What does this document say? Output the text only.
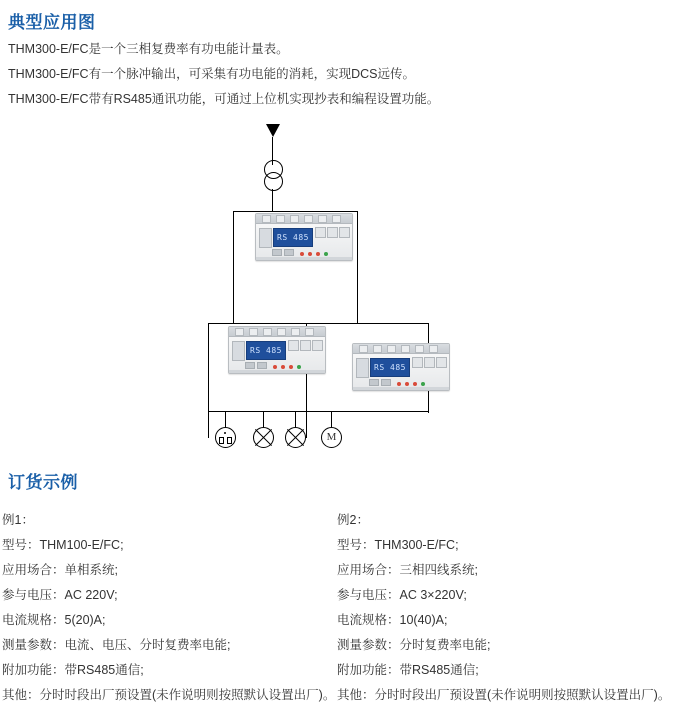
典型应用图
THM300-E/FC是一个三相复费率有功电能计量表。
THM300-E/FC有一个脉冲输出，可采集有功电能的消耗，实现DCS远传。
THM300-E/FC带有RS485通讯功能，可通过上位机实现抄表和编程设置功能。
RS 485
RS 485
RS 485
M
订货示例
例1：
型号：THM100-E/FC;
应用场合：单相系统;
参与电压：AC 220V;
电流规格：5(20)A;
测量参数：电流、电压、分时复费率电能;
附加功能：带RS485通信;
其他：分时时段出厂预设置(未作说明则按照默认设置出厂)。
例2：
型号：THM300-E/FC;
应用场合：三相四线系统;
参与电压：AC 3×220V;
电流规格：10(40)A;
测量参数：分时复费率电能;
附加功能：带RS485通信;
其他：分时时段出厂预设置(未作说明则按照默认设置出厂)。
